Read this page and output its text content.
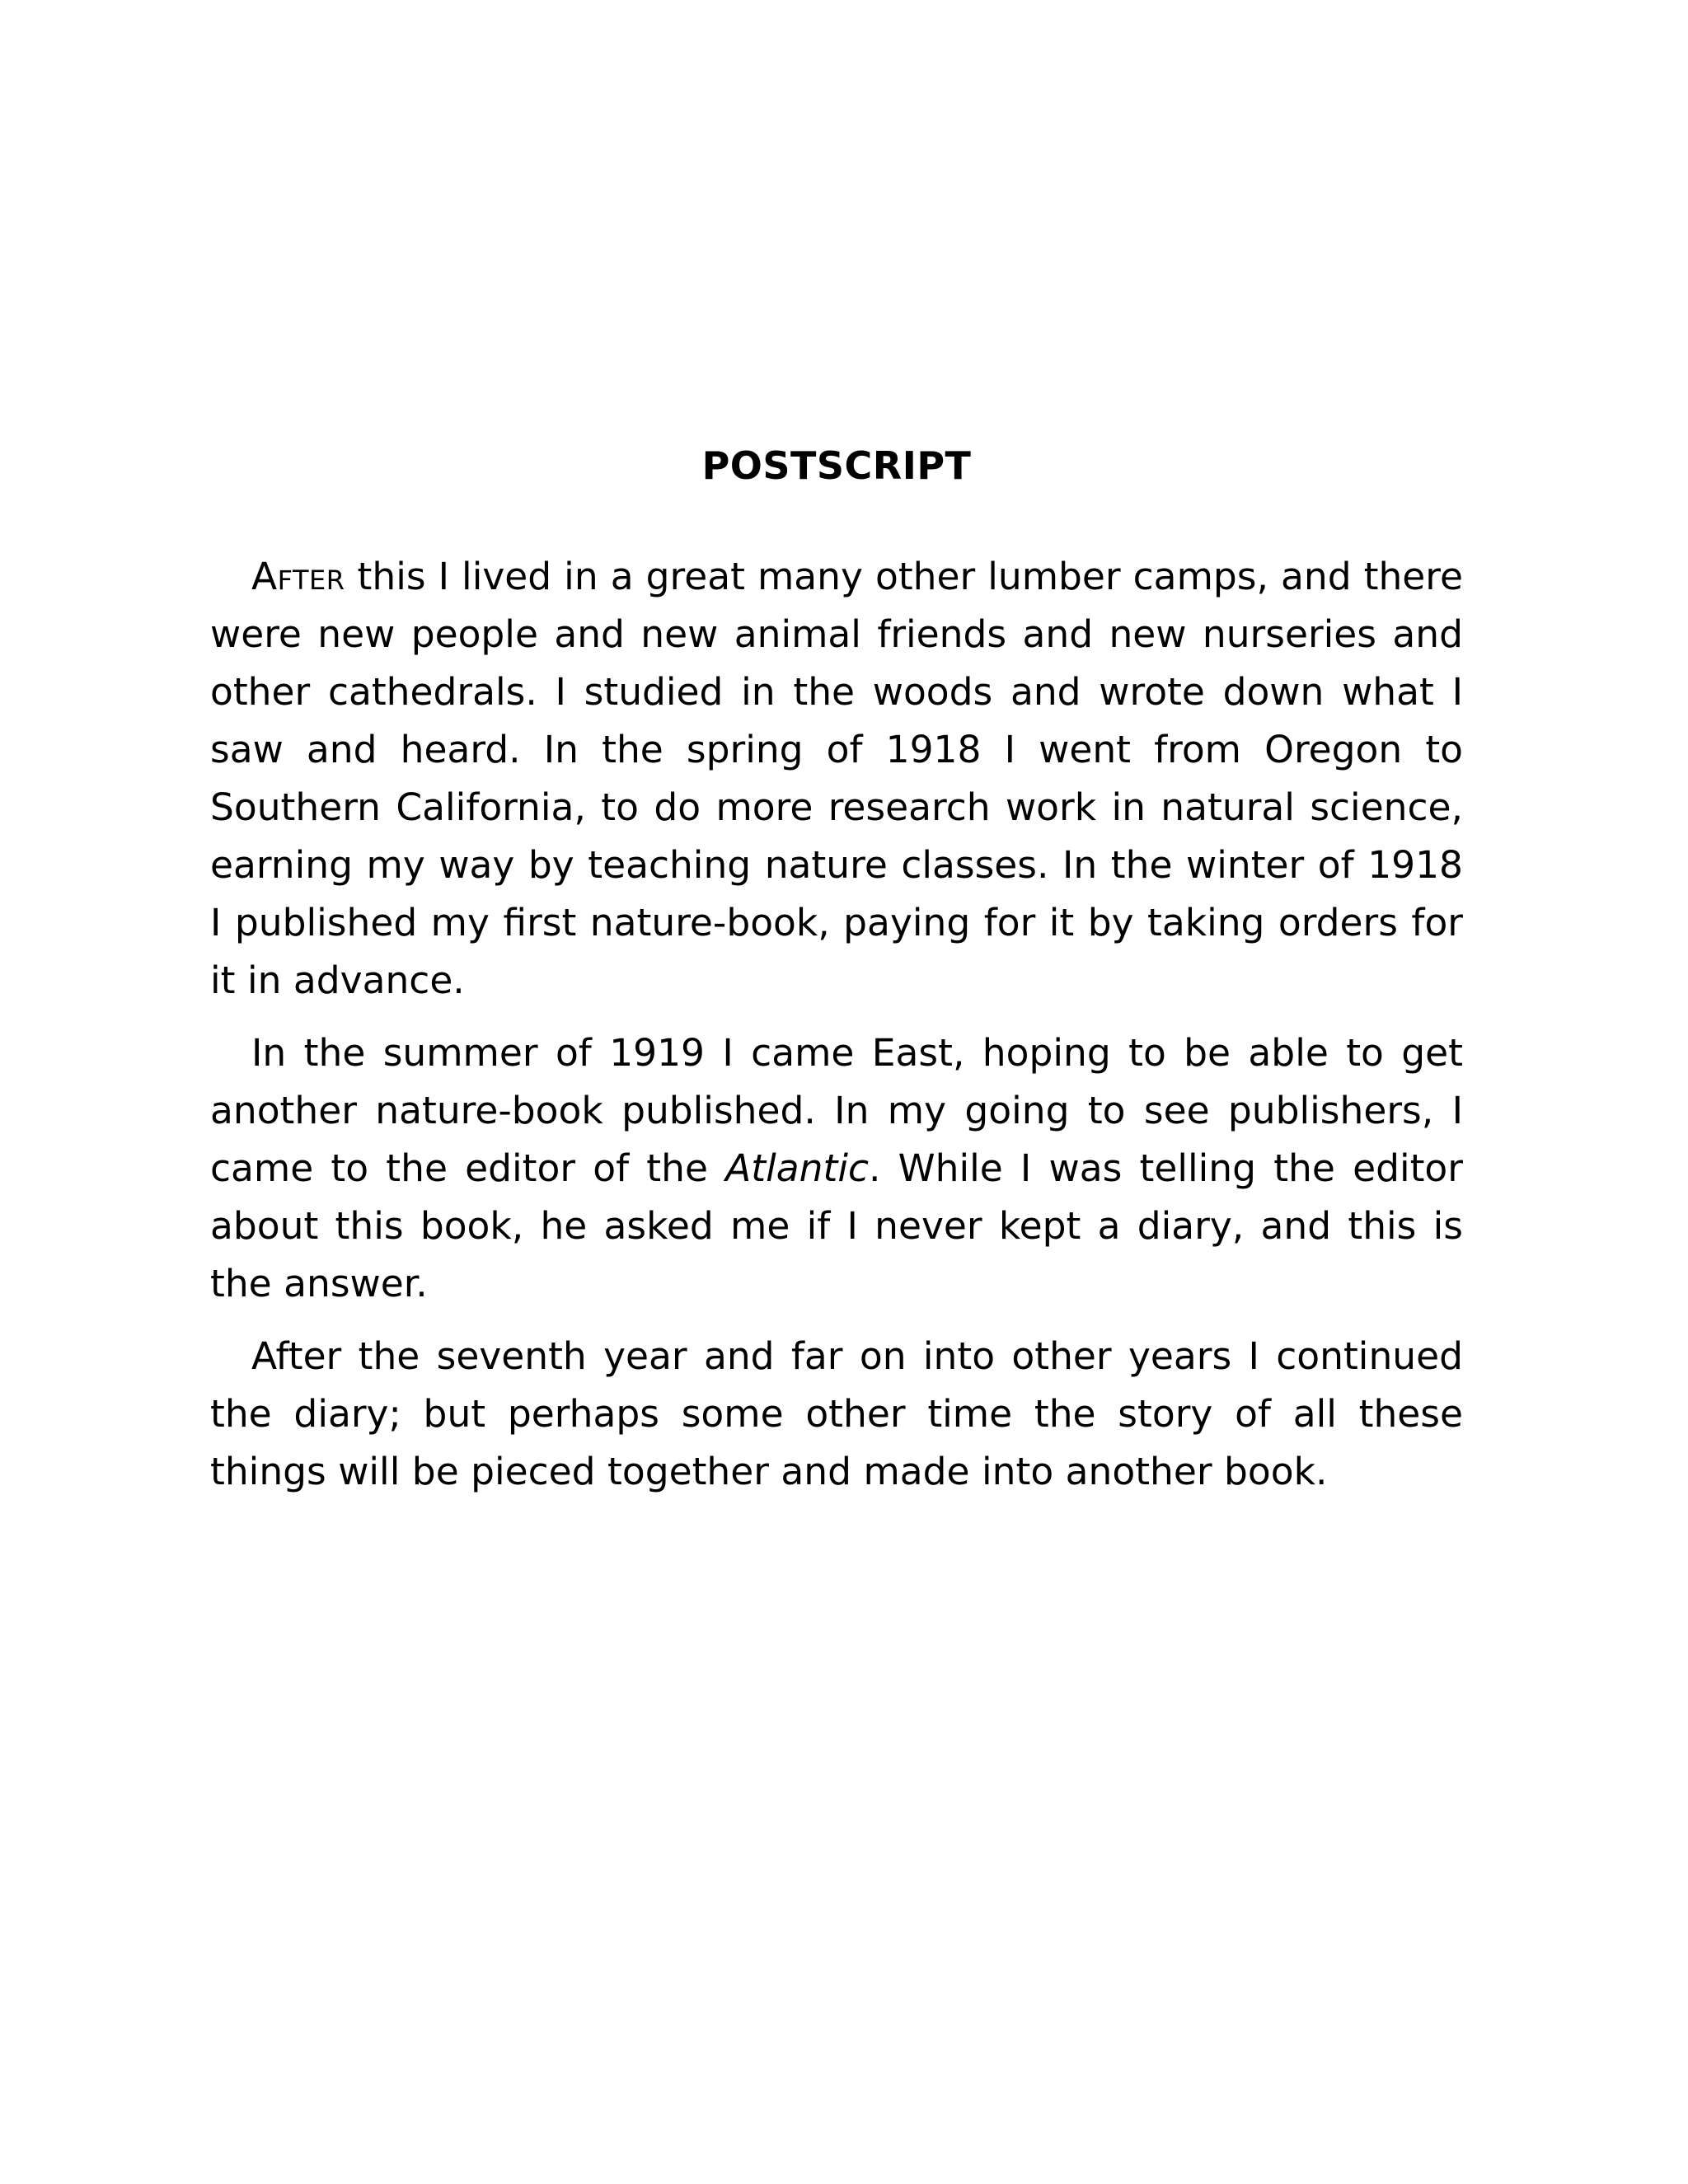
POSTSCRIPT

After this I lived in a great many other lumber camps, and there were new people and new animal friends and new nurseries and other cathedrals. I studied in the woods and wrote down what I saw and heard. In the spring of 1918 I went from Oregon to Southern California, to do more research work in natural science, earning my way by teaching nature classes. In the winter of 1918 I published my first nature-book, paying for it by taking orders for it in advance.

In the summer of 1919 I came East, hoping to be able to get another nature-book published. In my going to see publishers, I came to the editor of the Atlantic. While I was telling the editor about this book, he asked me if I never kept a diary, and this is the answer.

After the seventh year and far on into other years I continued the diary; but perhaps some other time the story of all these things will be pieced together and made into another book.
